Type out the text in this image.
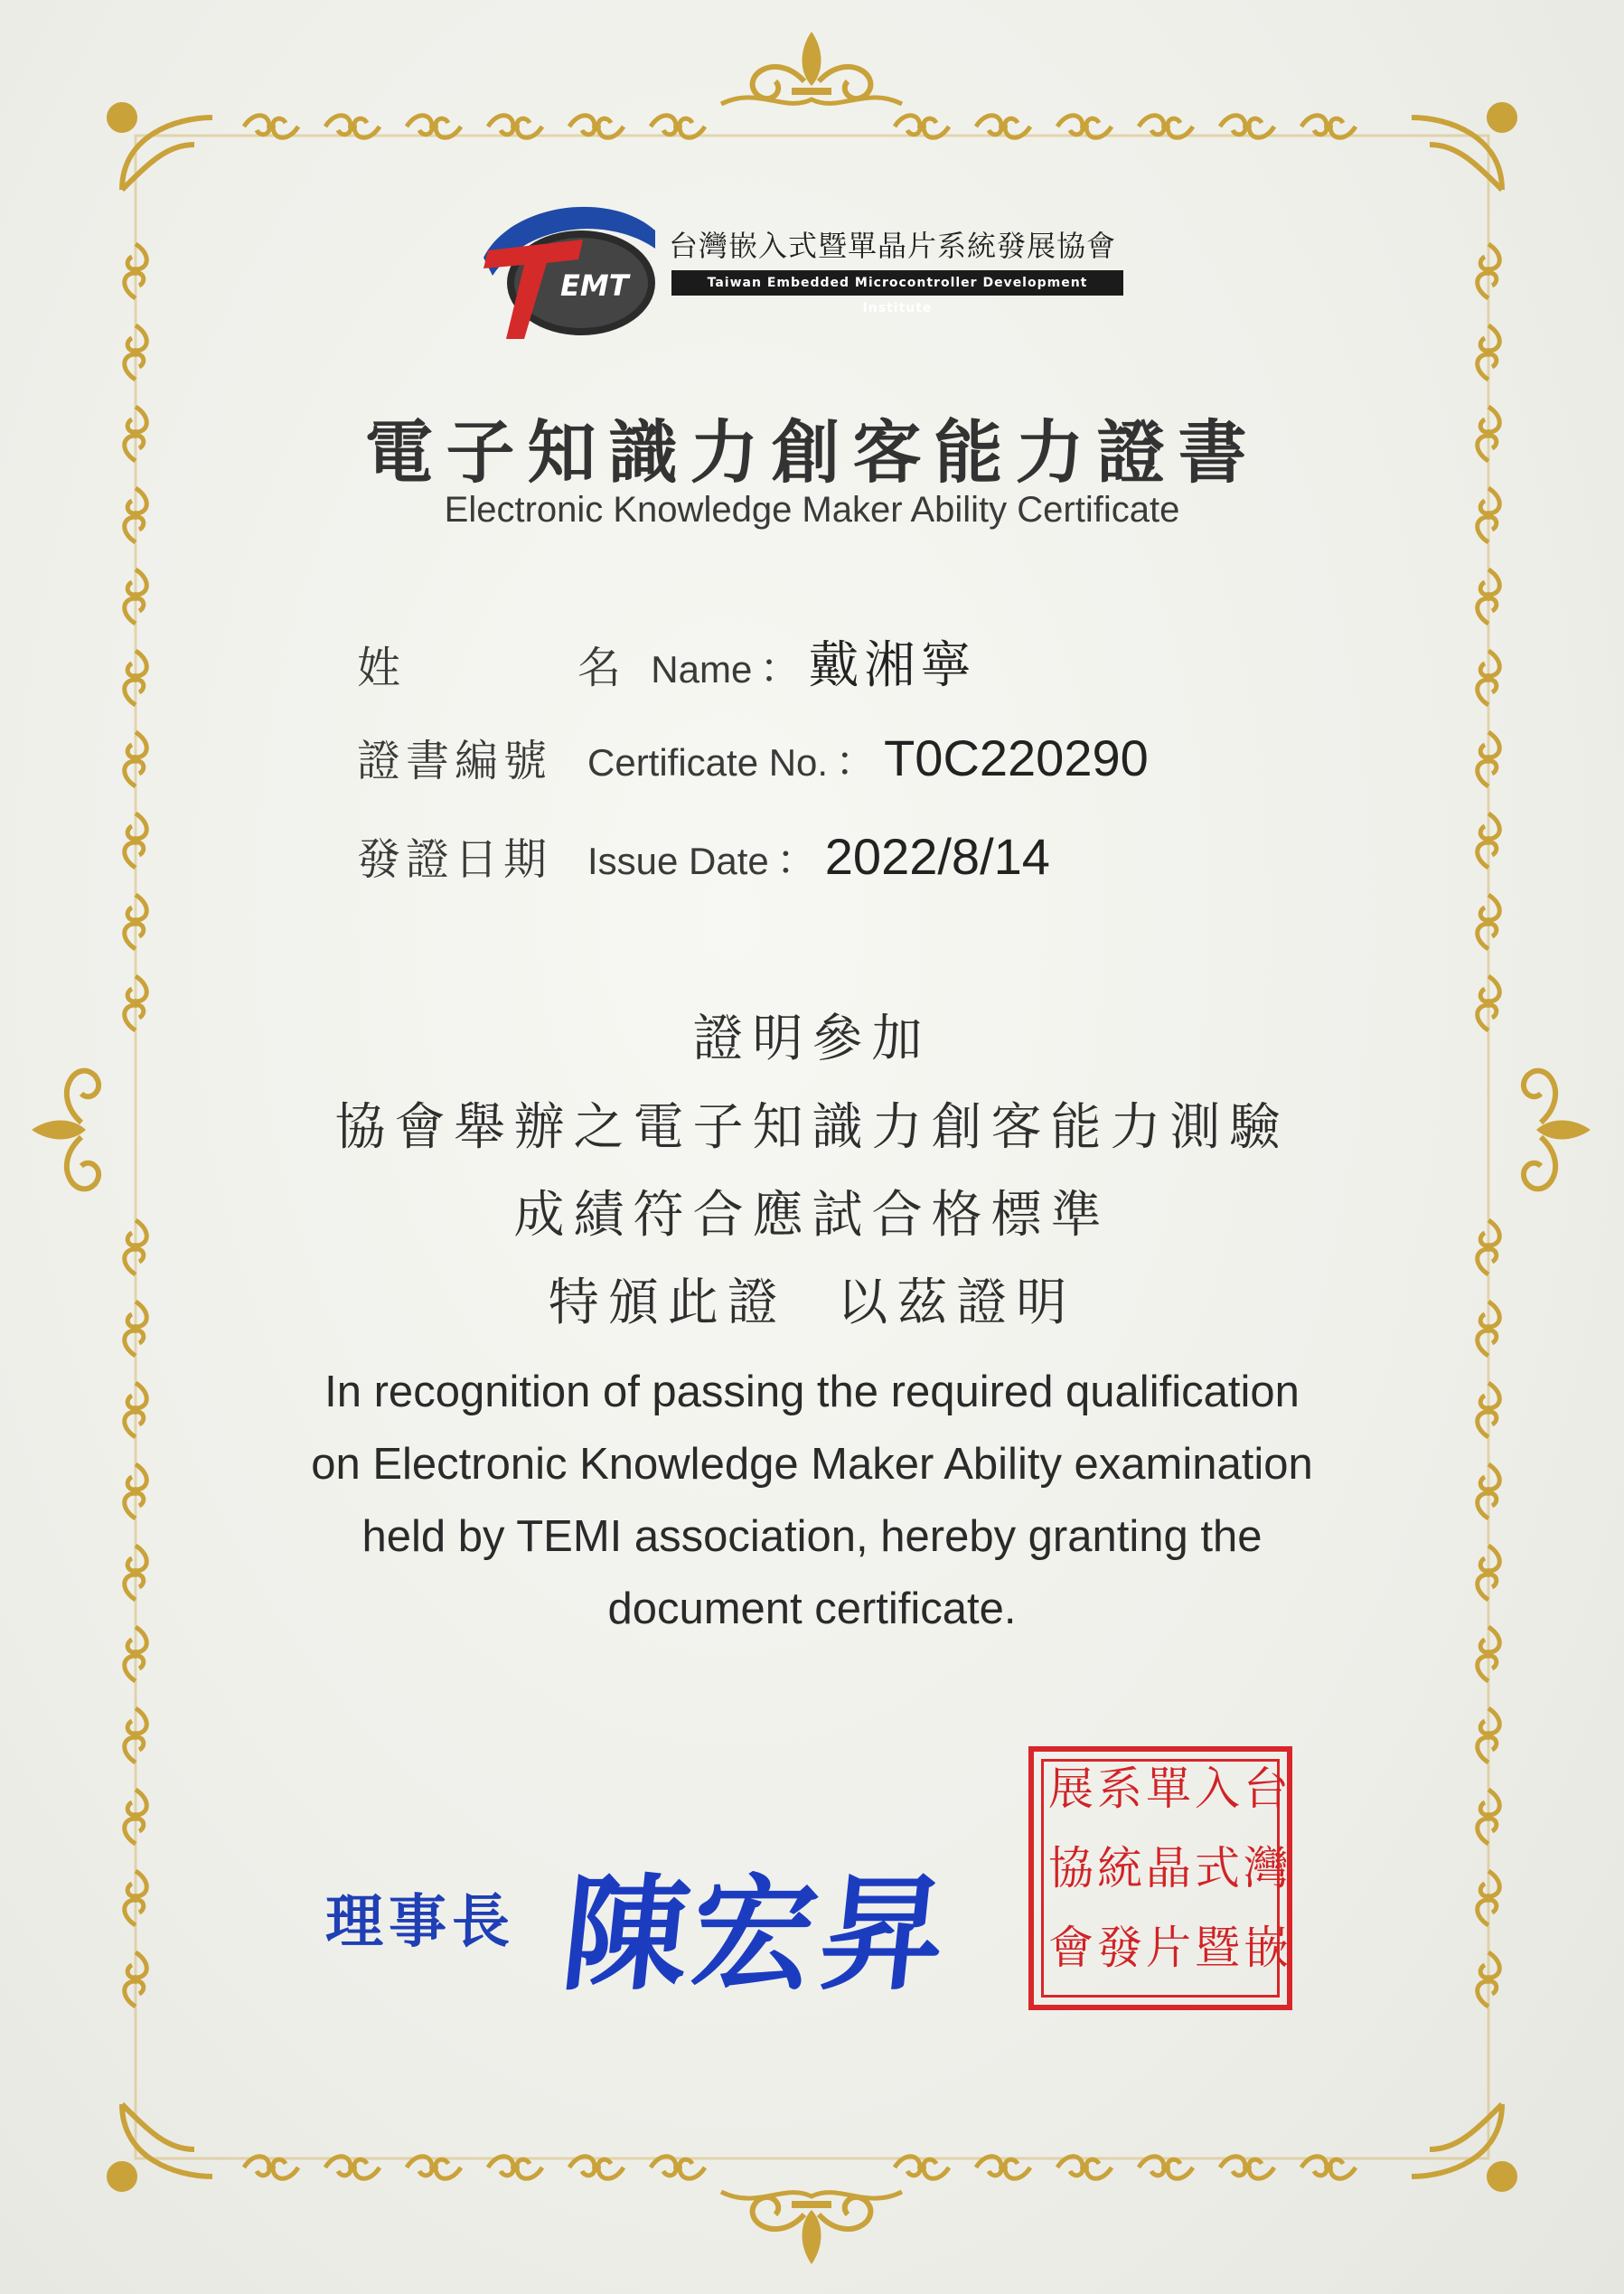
EMT
台灣嵌入式暨單晶片系統發展協會
Taiwan Embedded Microcontroller Development Institute
電子知識力創客能力證書
Electronic Knowledge Maker Ability Certificate
姓	名 Name ： 戴湘寧
證書編號 Certificate No. ： T0C220290
發證日期 Issue Date ： 2022/8/14
證明參加
協會舉辦之電子知識力創客能力測驗
成績符合應試合格標準
特頒此證  以茲證明
In recognition of passing the required qualification
on Electronic Knowledge Maker Ability examination
held by TEMI association, hereby granting the
document certificate.
理事長 陳宏昇
台
灣
嵌
入
式
暨
單
晶
片
系
統
發
展
協
會
